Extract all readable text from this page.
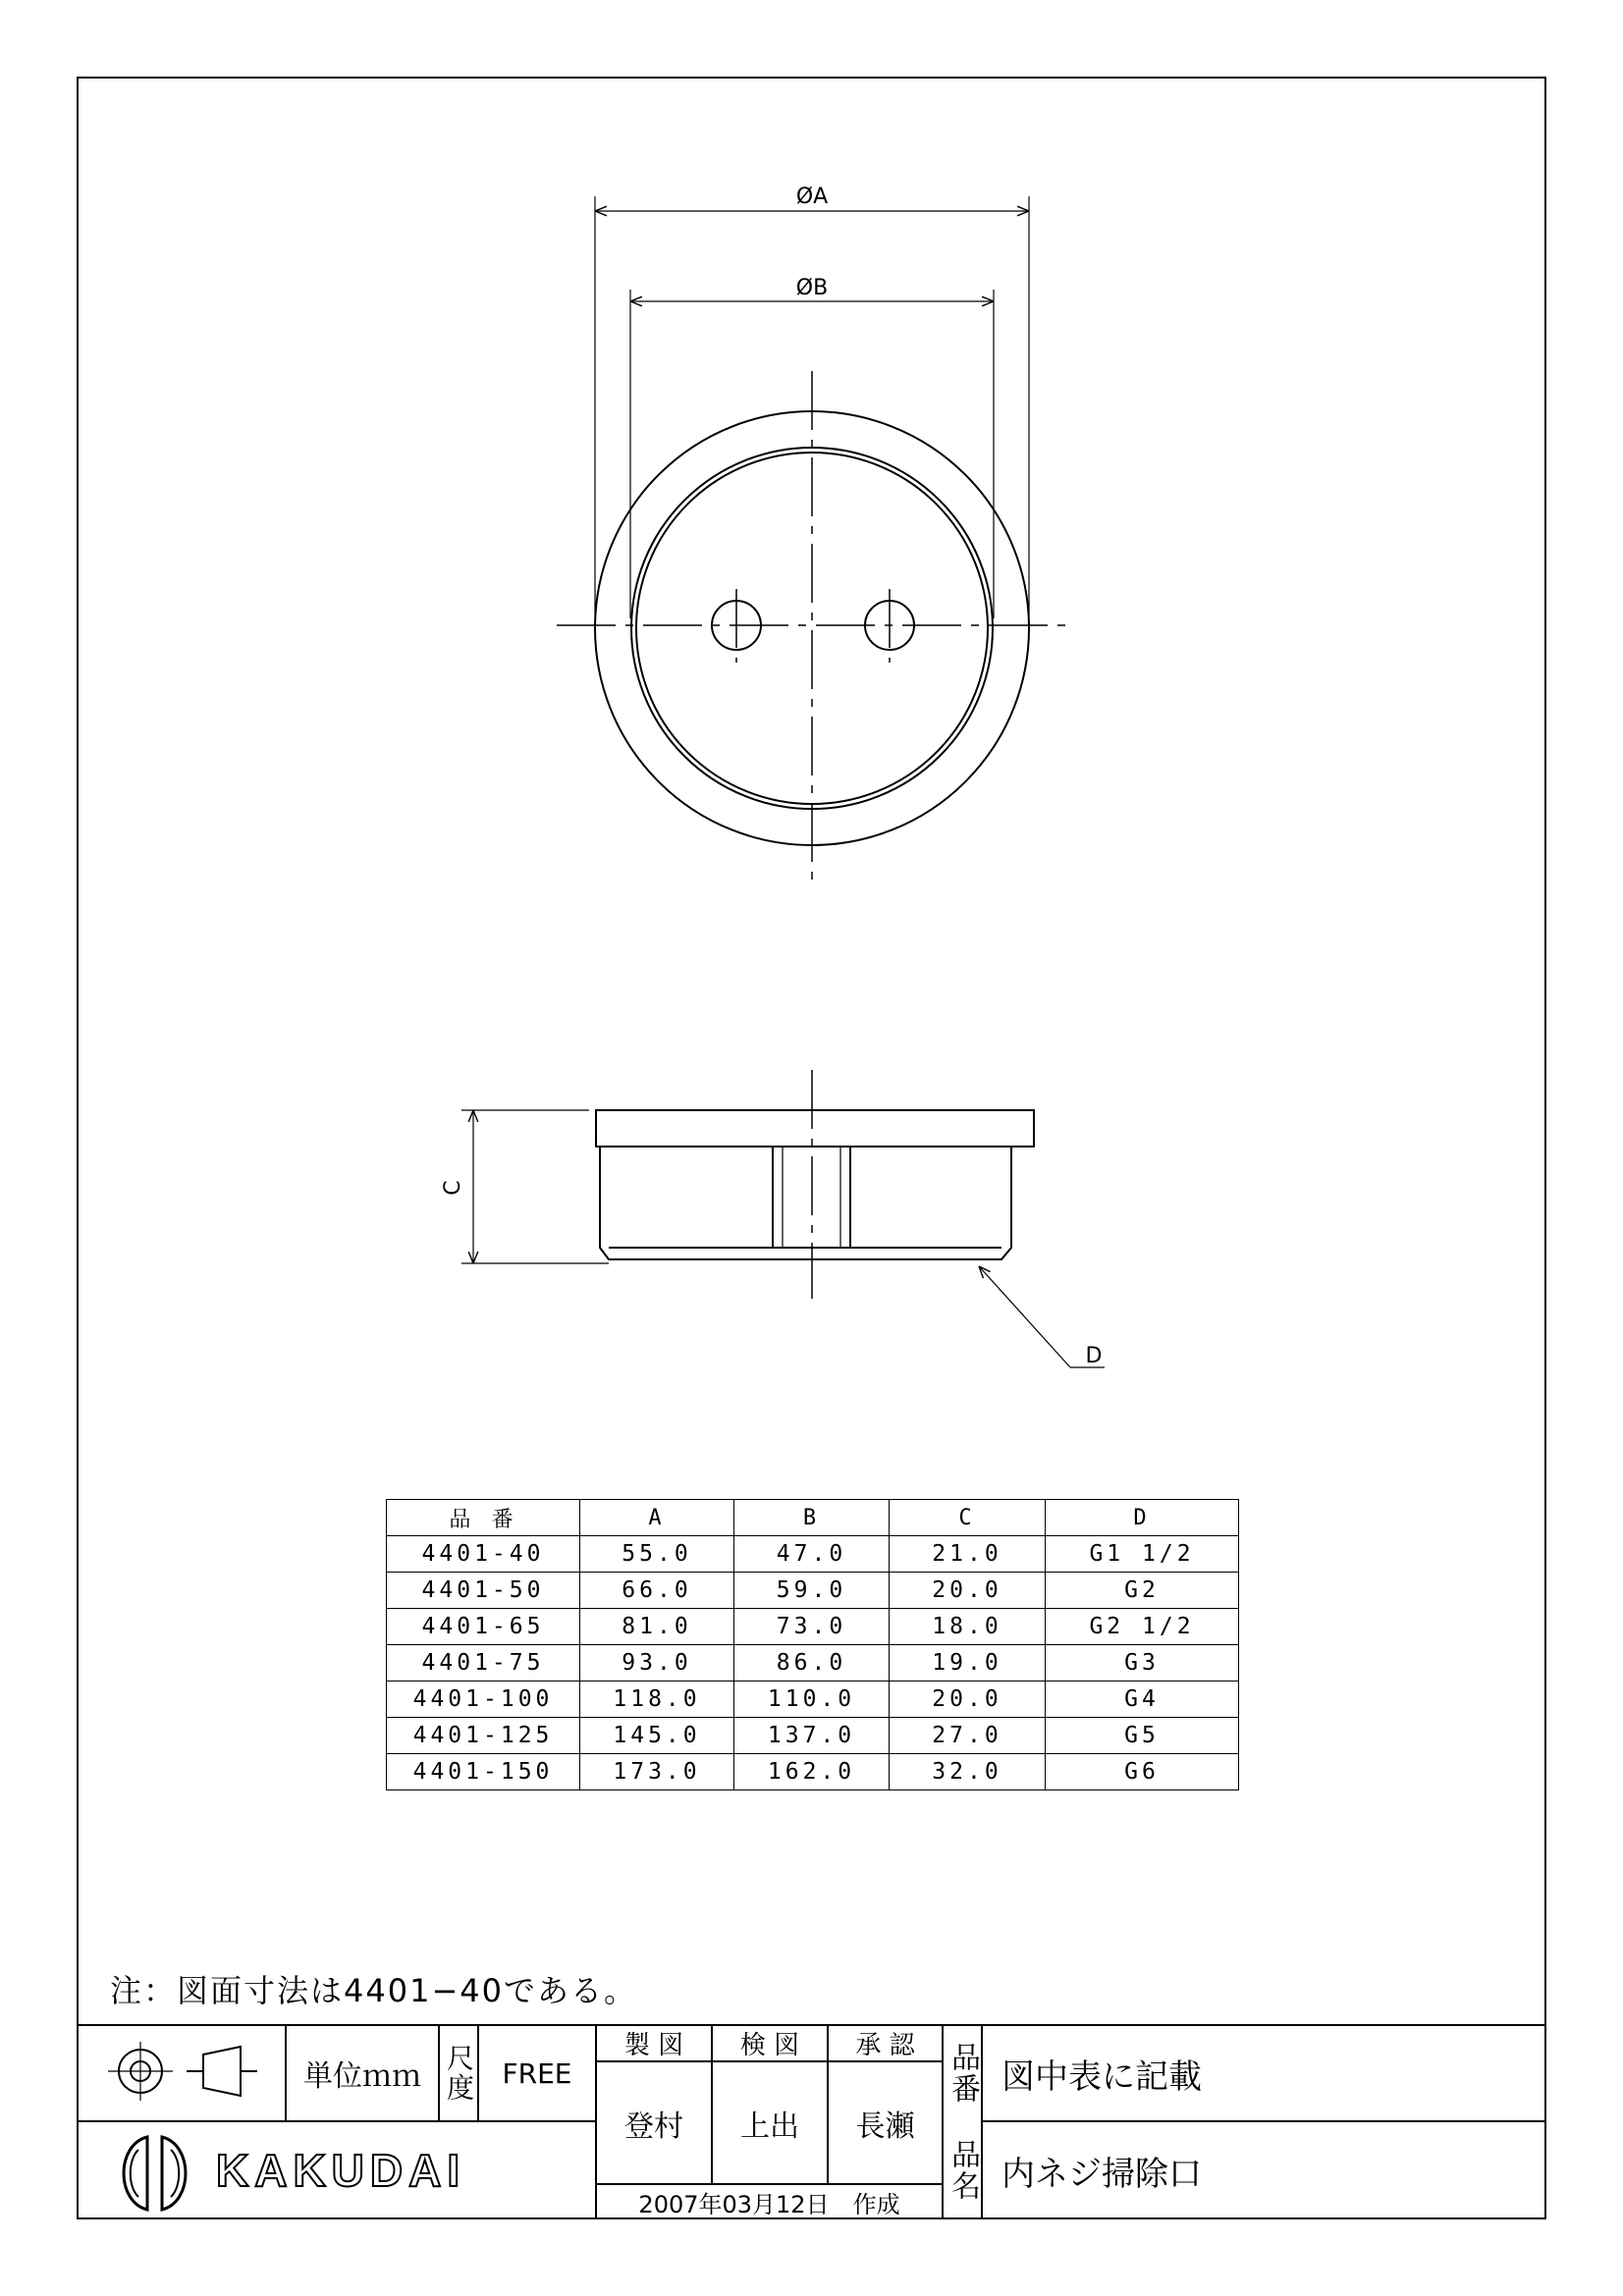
ØA
ØB
C
D
品 番	A	B	C	D
4401-40	55.0	47.0	21.0	G1 1/2
4401-50	66.0	59.0	20.0	G2
4401-65	81.0	73.0	18.0	G2 1/2
4401-75	93.0	86.0	19.0	G3
4401-100	118.0	110.0	20.0	G4
4401-125	145.0	137.0	27.0	G5
4401-150	173.0	162.0	32.0	G6
注：図面寸法は4401−40である。
単位ｍｍ 尺度 FREE
製 図	検 図	承 認
登村	上出	長瀬
品番 図中表に記載
品名 内ネジ掃除口
2007年03月12日　作成
KAKUDAI
